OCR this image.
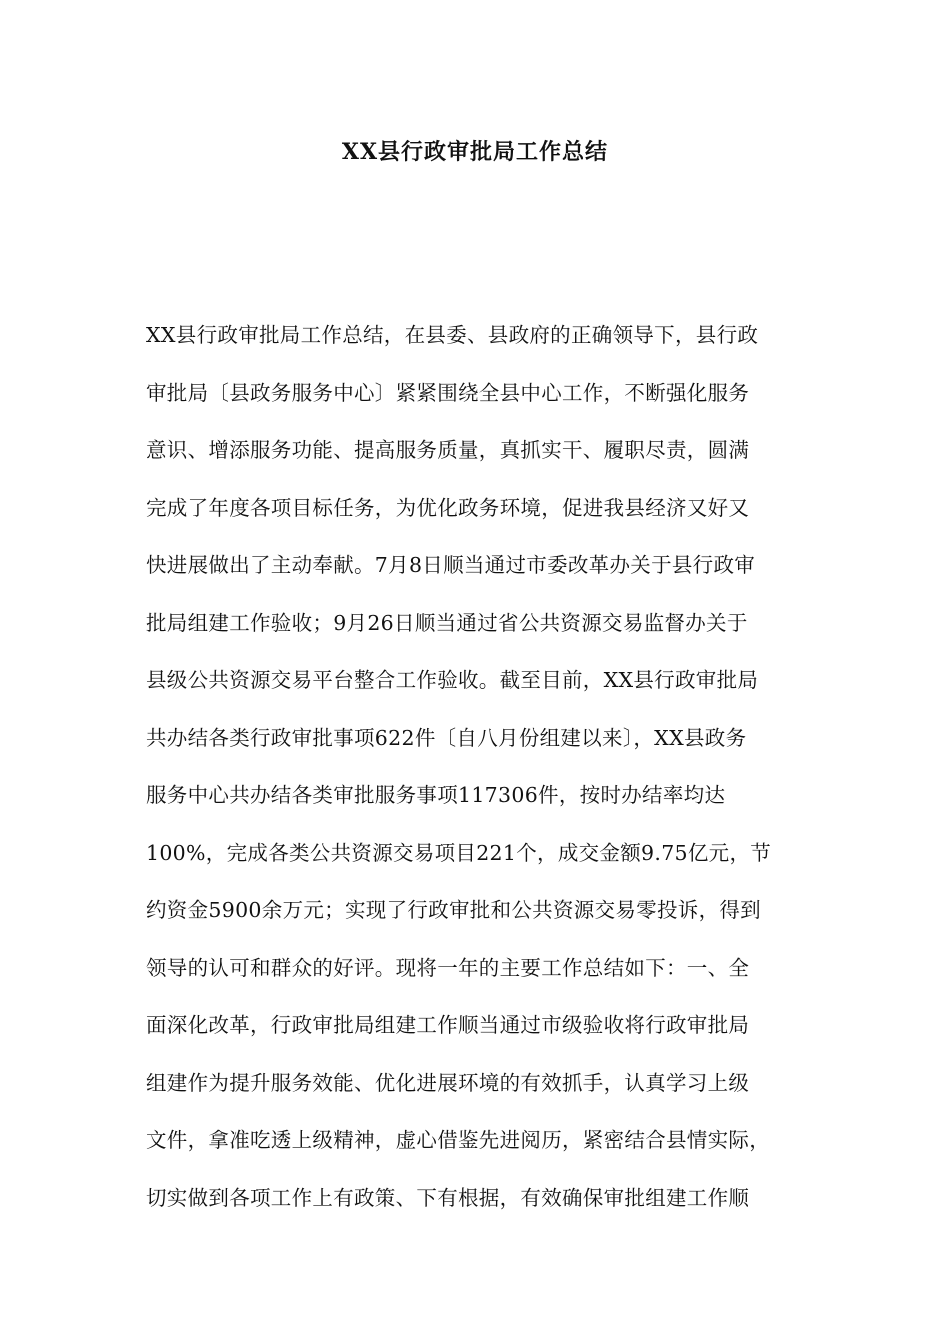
XX县行政审批局工作总结
XX县行政审批局工作总结，在县委、县政府的正确领导下，县行政
审批局〔县政务服务中心〕紧紧围绕全县中心工作，不断强化服务
意识、增添服务功能、提高服务质量，真抓实干、履职尽责，圆满
完成了年度各项目标任务，为优化政务环境，促进我县经济又好又
快进展做出了主动奉献。7月8日顺当通过市委改革办关于县行政审
批局组建工作验收；9月26日顺当通过省公共资源交易监督办关于
县级公共资源交易平台整合工作验收。截至目前，XX县行政审批局
共办结各类行政审批事项622件〔自八月份组建以来〕，XX县政务
服务中心共办结各类审批服务事项117306件，按时办结率均达
100%，完成各类公共资源交易项目221个，成交金额9.75亿元，节
约资金5900余万元；实现了行政审批和公共资源交易零投诉，得到
领导的认可和群众的好评。现将一年的主要工作总结如下：一、全
面深化改革，行政审批局组建工作顺当通过市级验收将行政审批局
组建作为提升服务效能、优化进展环境的有效抓手，认真学习上级
文件，拿准吃透上级精神，虚心借鉴先进阅历，紧密结合县情实际，
切实做到各项工作上有政策、下有根据，有效确保审批组建工作顺
